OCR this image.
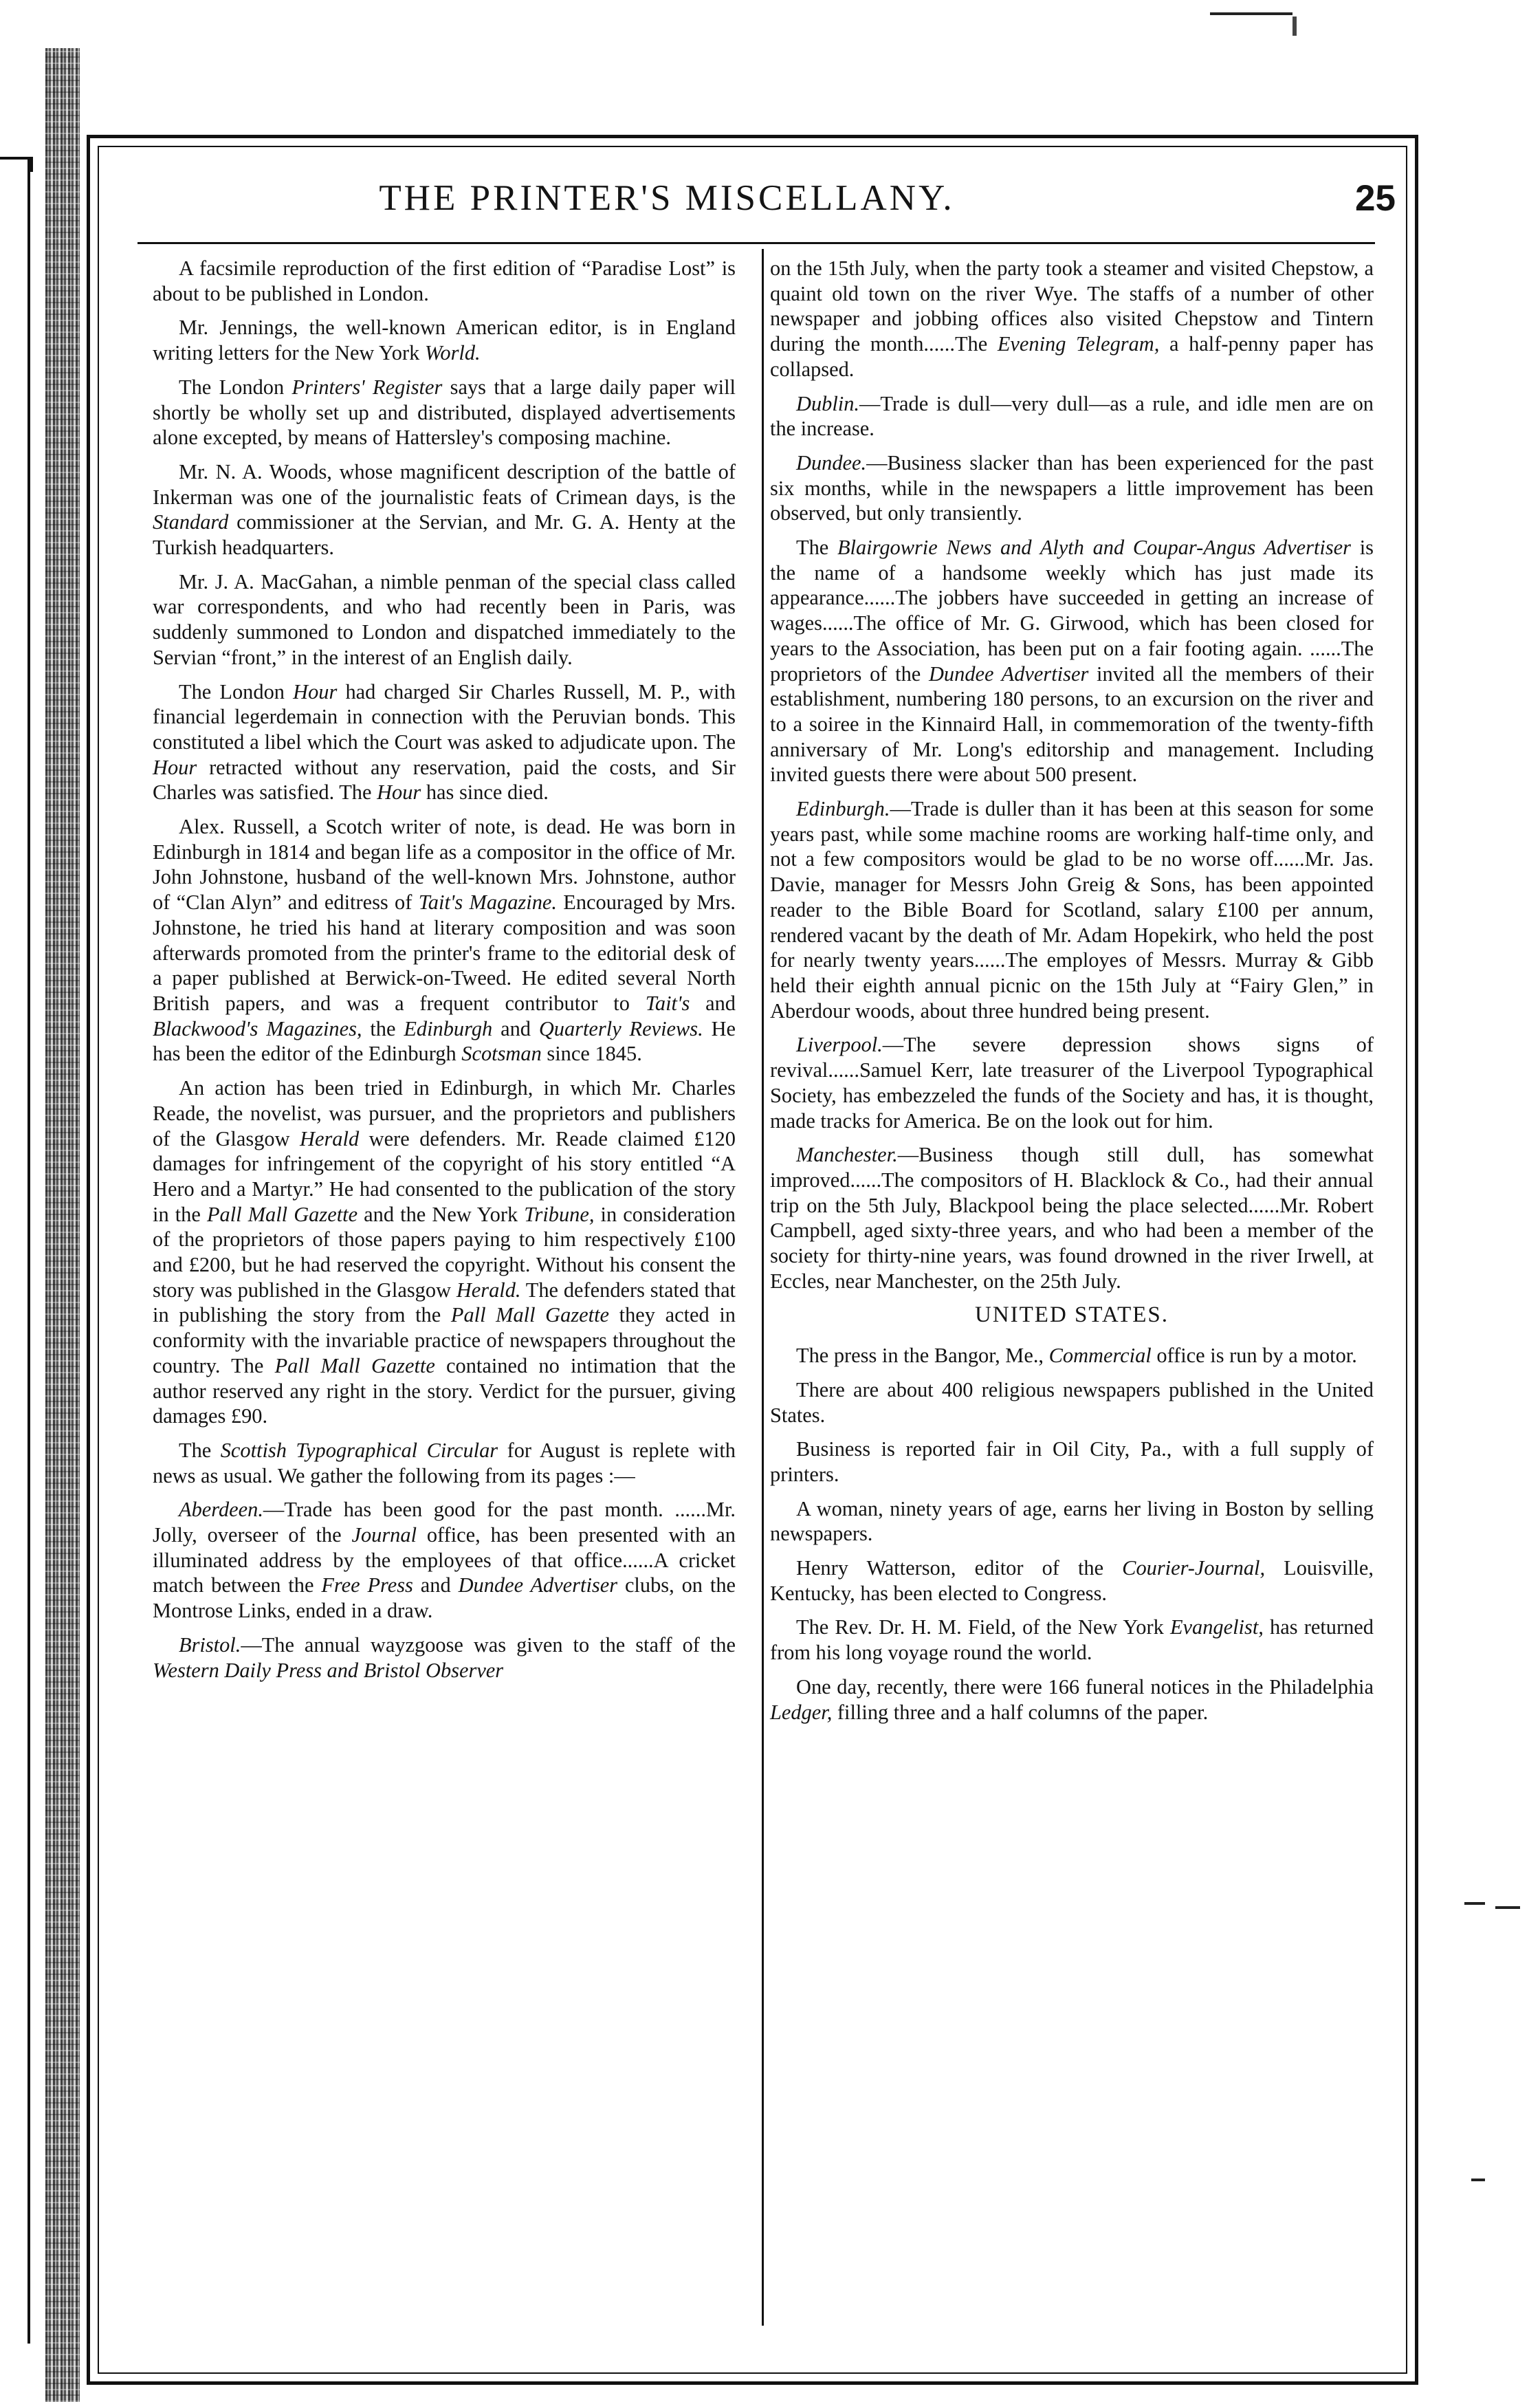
THE PRINTER'S MISCELLANY.	25

A facsimile reproduction of the first edition of “Paradise Lost” is about to be published in London.

Mr. Jennings, the well-known American editor, is in England writing letters for the New York World.

The London Printers' Register says that a large daily paper will shortly be wholly set up and distributed, displayed advertisements alone excepted, by means of Hattersley's composing machine.

Mr. N. A. Woods, whose magnificent description of the battle of Inkerman was one of the journalistic feats of Crimean days, is the Standard commissioner at the Servian, and Mr. G. A. Henty at the Turkish headquarters.

Mr. J. A. MacGahan, a nimble penman of the special class called war correspondents, and who had recently been in Paris, was suddenly summoned to London and dispatched immediately to the Servian “front,” in the interest of an English daily.

The London Hour had charged Sir Charles Russell, M. P., with financial legerdemain in connection with the Peruvian bonds. This constituted a libel which the Court was asked to adjudicate upon. The Hour retracted without any reservation, paid the costs, and Sir Charles was satisfied. The Hour has since died.

Alex. Russell, a Scotch writer of note, is dead. He was born in Edinburgh in 1814 and began life as a compositor in the office of Mr. John Johnstone, husband of the well-known Mrs. Johnstone, author of “Clan Alyn” and editress of Tait's Magazine. Encouraged by Mrs. Johnstone, he tried his hand at literary composition and was soon afterwards promoted from the printer's frame to the editorial desk of a paper published at Berwick-on-Tweed. He edited several North British papers, and was a frequent contributor to Tait's and Blackwood's Magazines, the Edinburgh and Quarterly Reviews. He has been the editor of the Edinburgh Scotsman since 1845.

An action has been tried in Edinburgh, in which Mr. Charles Reade, the novelist, was pursuer, and the proprietors and publishers of the Glasgow Herald were defenders. Mr. Reade claimed £120 damages for infringement of the copyright of his story entitled “A Hero and a Martyr.” He had consented to the publication of the story in the Pall Mall Gazette and the New York Tribune, in consideration of the proprietors of those papers paying to him respectively £100 and £200, but he had reserved the copyright. Without his consent the story was published in the Glasgow Herald. The defenders stated that in publishing the story from the Pall Mall Gazette they acted in conformity with the invariable practice of newspapers throughout the country. The Pall Mall Gazette contained no intimation that the author reserved any right in the story. Verdict for the pursuer, giving damages £90.

The Scottish Typographical Circular for August is replete with news as usual. We gather the following from its pages :—

Aberdeen.—Trade has been good for the past month. ......Mr. Jolly, overseer of the Journal office, has been presented with an illuminated address by the employees of that office......A cricket match between the Free Press and Dundee Advertiser clubs, on the Montrose Links, ended in a draw.

Bristol.—The annual wayzgoose was given to the staff of the Western Daily Press and Bristol Observer

on the 15th July, when the party took a steamer and visited Chepstow, a quaint old town on the river Wye. The staffs of a number of other newspaper and jobbing offices also visited Chepstow and Tintern during the month......The Evening Telegram, a half-penny paper has collapsed.

Dublin.—Trade is dull—very dull—as a rule, and idle men are on the increase.

Dundee.—Business slacker than has been experienced for the past six months, while in the newspapers a little improvement has been observed, but only transiently.

The Blairgowrie News and Alyth and Coupar-Angus Advertiser is the name of a handsome weekly which has just made its appearance......The jobbers have succeeded in getting an increase of wages......The office of Mr. G. Girwood, which has been closed for years to the Association, has been put on a fair footing again. ......The proprietors of the Dundee Advertiser invited all the members of their establishment, numbering 180 persons, to an excursion on the river and to a soiree in the Kinnaird Hall, in commemoration of the twenty-fifth anniversary of Mr. Long's editorship and management. Including invited guests there were about 500 present.

Edinburgh.—Trade is duller than it has been at this season for some years past, while some machine rooms are working half-time only, and not a few compositors would be glad to be no worse off......Mr. Jas. Davie, manager for Messrs John Greig & Sons, has been appointed reader to the Bible Board for Scotland, salary £100 per annum, rendered vacant by the death of Mr. Adam Hopekirk, who held the post for nearly twenty years......The employes of Messrs. Murray & Gibb held their eighth annual picnic on the 15th July at “Fairy Glen,” in Aberdour woods, about three hundred being present.

Liverpool.—The severe depression shows signs of revival......Samuel Kerr, late treasurer of the Liverpool Typographical Society, has embezzeled the funds of the Society and has, it is thought, made tracks for America. Be on the look out for him.

Manchester.—Business though still dull, has somewhat improved......The compositors of H. Blacklock & Co., had their annual trip on the 5th July, Blackpool being the place selected......Mr. Robert Campbell, aged sixty-three years, and who had been a member of the society for thirty-nine years, was found drowned in the river Irwell, at Eccles, near Manchester, on the 25th July.

UNITED STATES.

The press in the Bangor, Me., Commercial office is run by a motor.

There are about 400 religious newspapers published in the United States.

Business is reported fair in Oil City, Pa., with a full supply of printers.

A woman, ninety years of age, earns her living in Boston by selling newspapers.

Henry Watterson, editor of the Courier-Journal, Louisville, Kentucky, has been elected to Congress.

The Rev. Dr. H. M. Field, of the New York Evangelist, has returned from his long voyage round the world.

One day, recently, there were 166 funeral notices in the Philadelphia Ledger, filling three and a half columns of the paper.
